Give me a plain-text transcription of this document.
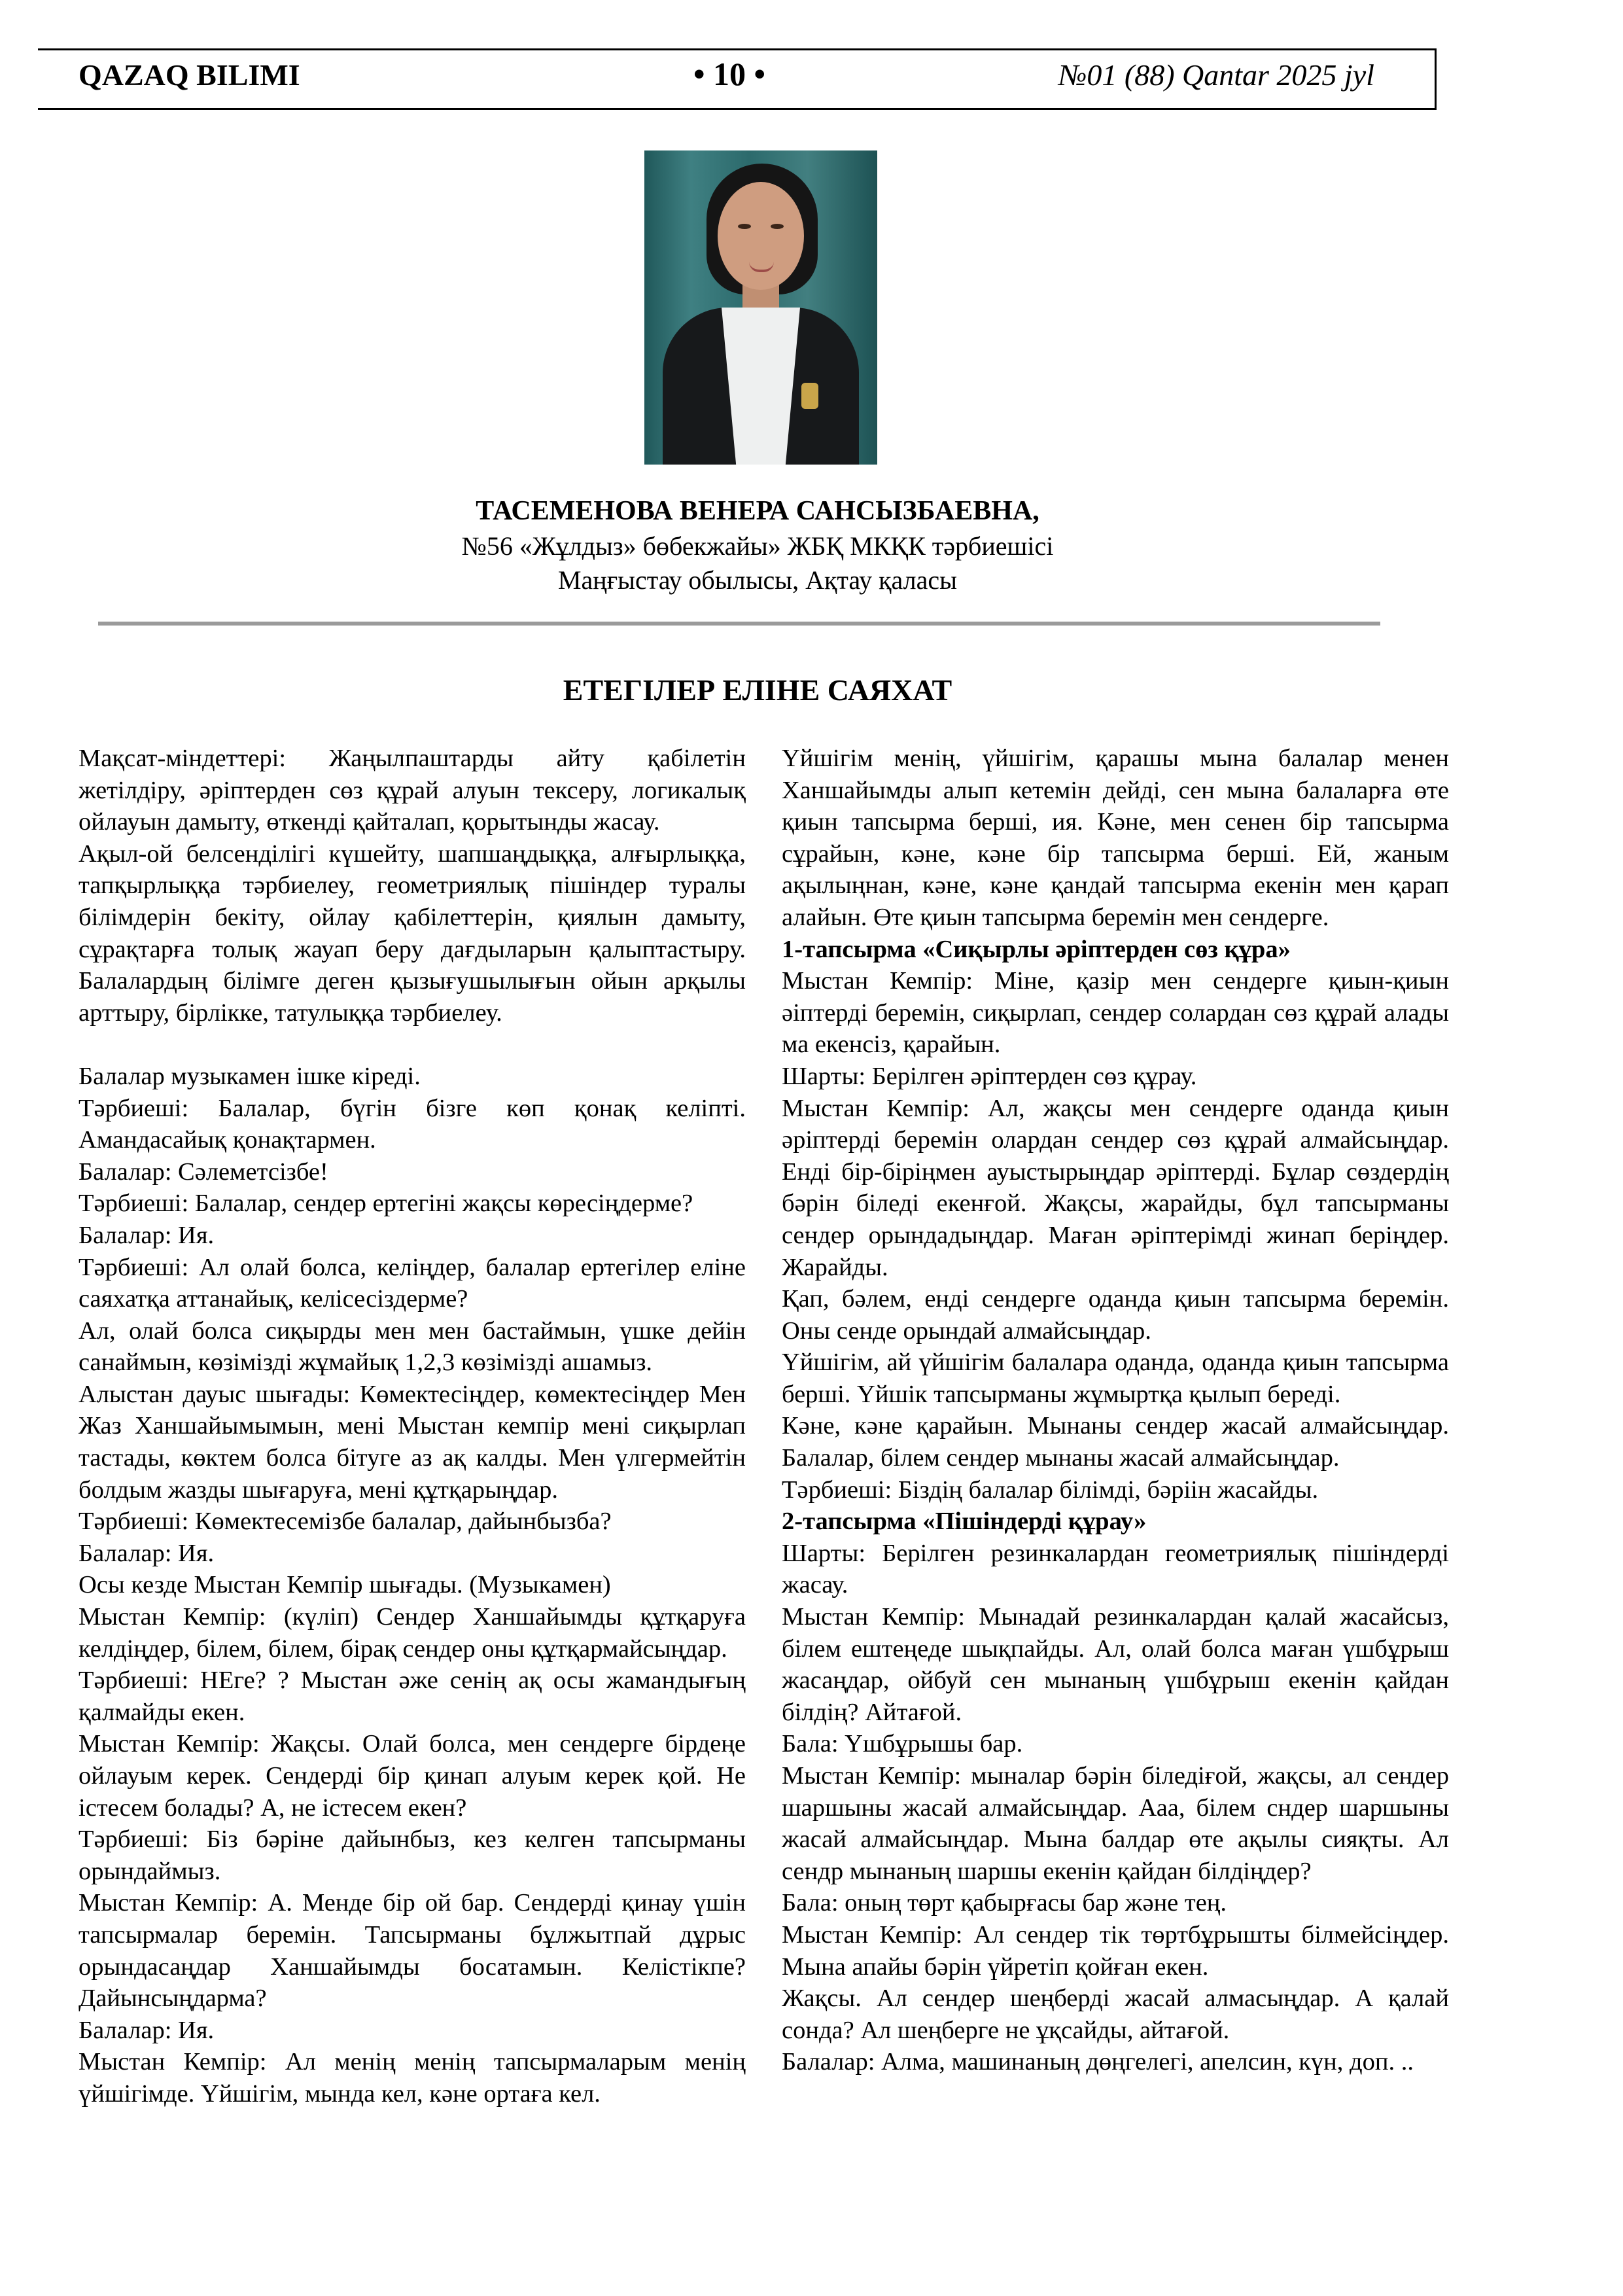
QAZAQ BILIMI	• 10 •	№01 (88) Qantar 2025 jyl
ТАСЕМЕНОВА ВЕНЕРА САНСЫЗБАЕВНА,
№56 «Жұлдыз» бөбекжайы» ЖБҚ МКҚК тәрбиешісі
Маңғыстау обылысы, Ақтау қаласы
ЕТЕГІЛЕР ЕЛІНЕ САЯХАТ

Мақсат-міндеттері: Жаңылпаштарды айту қабілетін жетілдіру, әріптерден сөз құрай алуын тексеру, логикалық ойлауын дамыту, өткенді қайталап, қорытынды жасау.

Ақыл-ой белсенділігі күшейту, шапшаңдыққа, алғырлыққа, тапқырлыққа тәрбиелеу, геометриялық пішіндер туралы білімдерін бекіту, ойлау қабілеттерін, қиялын дамыту, сұрақтарға толық жауап беру дағдыларын қалыптастыру. Балалардың білімге деген қызығушылығын ойын арқылы арттыру, бірлікке, татулыққа тәрбиелеу.

Балалар музыкамен ішке кіреді.

Тәрбиеші: Балалар, бүгін бізге көп қонақ келіпті. Амандасайық қонақтармен.

Балалар: Сәлеметсізбе!

Тәрбиеші: Балалар, сендер ертегіні жақсы көресіңдерме?

Балалар: Ия.

Тәрбиеші: Ал олай болса, келіңдер, балалар ертегілер еліне саяхатқа аттанайық, келісесіздерме?

Ал, олай болса сиқырды мен мен бастаймын, үшке дейін санаймын, көзімізді жұмайық 1,2,3 көзімізді ашамыз.

Алыстан дауыс шығады: Көмектесіңдер, көмектесіңдер Мен Жаз Ханшайымымын, мені Мыстан кемпір мені сиқырлап тастады, көктем болса бітуге аз ақ калды. Мен үлгермейтін болдым жазды шығаруға, мені құтқарыңдар.

Тәрбиеші: Көмектесемізбе балалар, дайынбызба?

Балалар: Ия.

Осы кезде Мыстан Кемпір шығады. (Музыкамен)

Мыстан Кемпір: (күліп) Сендер Ханшайымды құтқаруға келдіңдер, білем, білем, бірақ сендер оны құтқармайсыңдар.

Тәрбиеші: НЕге? ? Мыстан әже сенің ақ осы жамандығың қалмайды екен.

Мыстан Кемпір: Жақсы. Олай болса, мен сендерге бірдеңе ойлауым керек. Сендерді бір қинап алуым керек қой. Не істесем болады? А, не істесем екен?

Тәрбиеші: Біз бәріне дайынбыз, кез келген тапсырманы орындаймыз.

Мыстан Кемпір: А. Менде бір ой бар. Сендерді қинау үшін тапсырмалар беремін. Тапсырманы бұлжытпай дұрыс орындасаңдар Ханшайымды босатамын. Келістікпе? Дайынсыңдарма?

Балалар: Ия.

Мыстан Кемпір: Ал менің менің тапсырмаларым менің үйшігімде. Үйшігім, мында кел, кәне ортаға кел.

Үйшігім менің, үйшігім, қарашы мына балалар менен Ханшайымды алып кетемін дейді, сен мына балаларға өте қиын тапсырма берші, ия. Кәне, мен сенен бір тапсырма сұрайын, кәне, кәне бір тапсырма берші. Ей, жаным ақылыңнан, кәне, кәне қандай тапсырма екенін мен қарап алайын. Өте қиын тапсырма беремін мен сендерге.

1-тапсырма «Сиқырлы әріптерден сөз құра»

Мыстан Кемпір: Міне, қазір мен сендерге қиын-қиын әіптерді беремін, сиқырлап, сендер солардан сөз құрай алады ма екенсіз, қарайын.

Шарты: Берілген әріптерден сөз құрау.

Мыстан Кемпір: Ал, жақсы мен сендерге оданда қиын әріптерді беремін олардан сендер сөз құрай алмайсыңдар. Енді бір-біріңмен ауыстырыңдар әріптерді. Бұлар сөздердің бәрін біледі екенғой. Жақсы, жарайды, бұл тапсырманы сендер орындадыңдар. Маған әріптерімді жинап беріңдер. Жарайды.

Қап, бәлем, енді сендерге оданда қиын тапсырма беремін. Оны сенде орындай алмайсыңдар.

Үйшігім, ай үйшігім балалара оданда, оданда қиын тапсырма берші. Үйшік тапсырманы жұмыртқа қылып береді.

Кәне, кәне қарайын. Мынаны сендер жасай алмайсыңдар. Балалар, білем сендер мынаны жасай алмайсыңдар.

Тәрбиеші: Біздің балалар білімді, бәріін жасайды.

2-тапсырма «Пішіндерді құрау»

Шарты: Берілген резинкалардан геометриялық пішіндерді жасау.

Мыстан Кемпір: Мынадай резинкалардан қалай жасайсыз, білем ештеңеде шықпайды. Ал, олай болса маған үшбұрыш жасаңдар, ойбуй сен мынаның үшбұрыш екенін қайдан білдің? Айтағой.

Бала: Үшбұрышы бар.

Мыстан Кемпір: мыналар бәрін біледіғой, жақсы, ал сендер шаршыны жасай алмайсыңдар. Ааа, білем сндер шаршыны жасай алмайсыңдар. Мына балдар өте ақылы сияқты. Ал сендр мынаның шаршы екенін қайдан білдіңдер?

Бала: оның төрт қабырғасы бар және тең.

Мыстан Кемпір: Ал сендер тік төртбұрышты білмейсіңдер. Мына апайы бәрін үйретіп қойған екен.

Жақсы. Ал сендер шеңберді жасай алмасыңдар. А қалай сонда? Ал шеңберге не ұқсайды, айтағой.

Балалар: Алма, машинаның дөңгелегі, апелсин, күн, доп. ..
